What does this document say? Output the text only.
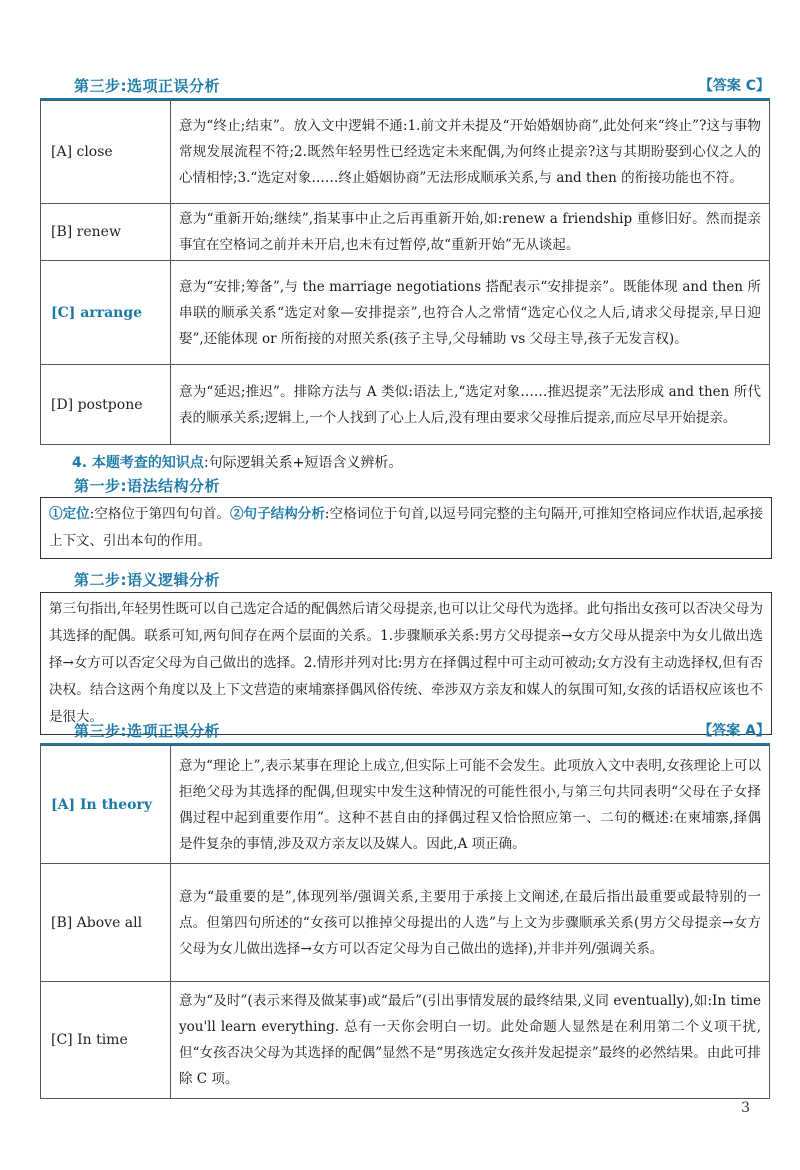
第三步:选项正误分析	【答案 C】
[A] close	意为“终止;结束”。放入文中逻辑不通:1.前文并未提及“开始婚姻协商”,此处何来“终止”?这与事物常规发展流程不符;2.既然年轻男性已经选定未来配偶,为何终止提亲?这与其期盼娶到心仪之人的心情相悖;3.“选定对象……终止婚姻协商”无法形成顺承关系,与 and then 的衔接功能也不符。
[B] renew	意为“重新开始;继续”,指某事中止之后再重新开始,如:renew a friendship 重修旧好。然而提亲事宜在空格词之前并未开启,也未有过暂停,故“重新开始”无从谈起。
[C] arrange	意为“安排;筹备”,与 the marriage negotiations 搭配表示“安排提亲”。既能体现 and then 所串联的顺承关系“选定对象—安排提亲”,也符合人之常情“选定心仪之人后,请求父母提亲,早日迎娶”,还能体现 or 所衔接的对照关系(孩子主导,父母辅助 vs 父母主导,孩子无发言权)。
[D] postpone	意为“延迟;推迟”。排除方法与 A 类似:语法上,“选定对象……推迟提亲”无法形成 and then 所代表的顺承关系;逻辑上,一个人找到了心上人后,没有理由要求父母推后提亲,而应尽早开始提亲。
4. 本题考查的知识点:句际逻辑关系+短语含义辨析。
第一步:语法结构分析
①定位:空格位于第四句句首。②句子结构分析:空格词位于句首,以逗号同完整的主句隔开,可推知空格词应作状语,起承接上下文、引出本句的作用。
第二步:语义逻辑分析
第三句指出,年轻男性既可以自己选定合适的配偶然后请父母提亲,也可以让父母代为选择。此句指出女孩可以否决父母为其选择的配偶。联系可知,两句间存在两个层面的关系。1.步骤顺承关系:男方父母提亲→女方父母从提亲中为女儿做出选择→女方可以否定父母为自己做出的选择。2.情形并列对比:男方在择偶过程中可主动可被动;女方没有主动选择权,但有否决权。结合这两个角度以及上下文营造的柬埔寨择偶风俗传统、牵涉双方亲友和媒人的氛围可知,女孩的话语权应该也不是很大。
第三步:选项正误分析	【答案 A】
[A] In theory	意为“理论上”,表示某事在理论上成立,但实际上可能不会发生。此项放入文中表明,女孩理论上可以拒绝父母为其选择的配偶,但现实中发生这种情况的可能性很小,与第三句共同表明“父母在子女择偶过程中起到重要作用”。这种不甚自由的择偶过程又恰恰照应第一、二句的概述:在柬埔寨,择偶是件复杂的事情,涉及双方亲友以及媒人。因此,A 项正确。
[B] Above all	意为“最重要的是”,体现列举/强调关系,主要用于承接上文阐述,在最后指出最重要或最特别的一点。但第四句所述的“女孩可以推掉父母提出的人选”与上文为步骤顺承关系(男方父母提亲→女方父母为女儿做出选择→女方可以否定父母为自己做出的选择),并非并列/强调关系。
[C] In time	意为“及时”(表示来得及做某事)或“最后”(引出事情发展的最终结果,义同 eventually),如:In time you'll learn everything. 总有一天你会明白一切。此处命题人显然是在利用第二个义项干扰,但“女孩否决父母为其选择的配偶”显然不是“男孩选定女孩并发起提亲”最终的必然结果。由此可排除 C 项。
3
